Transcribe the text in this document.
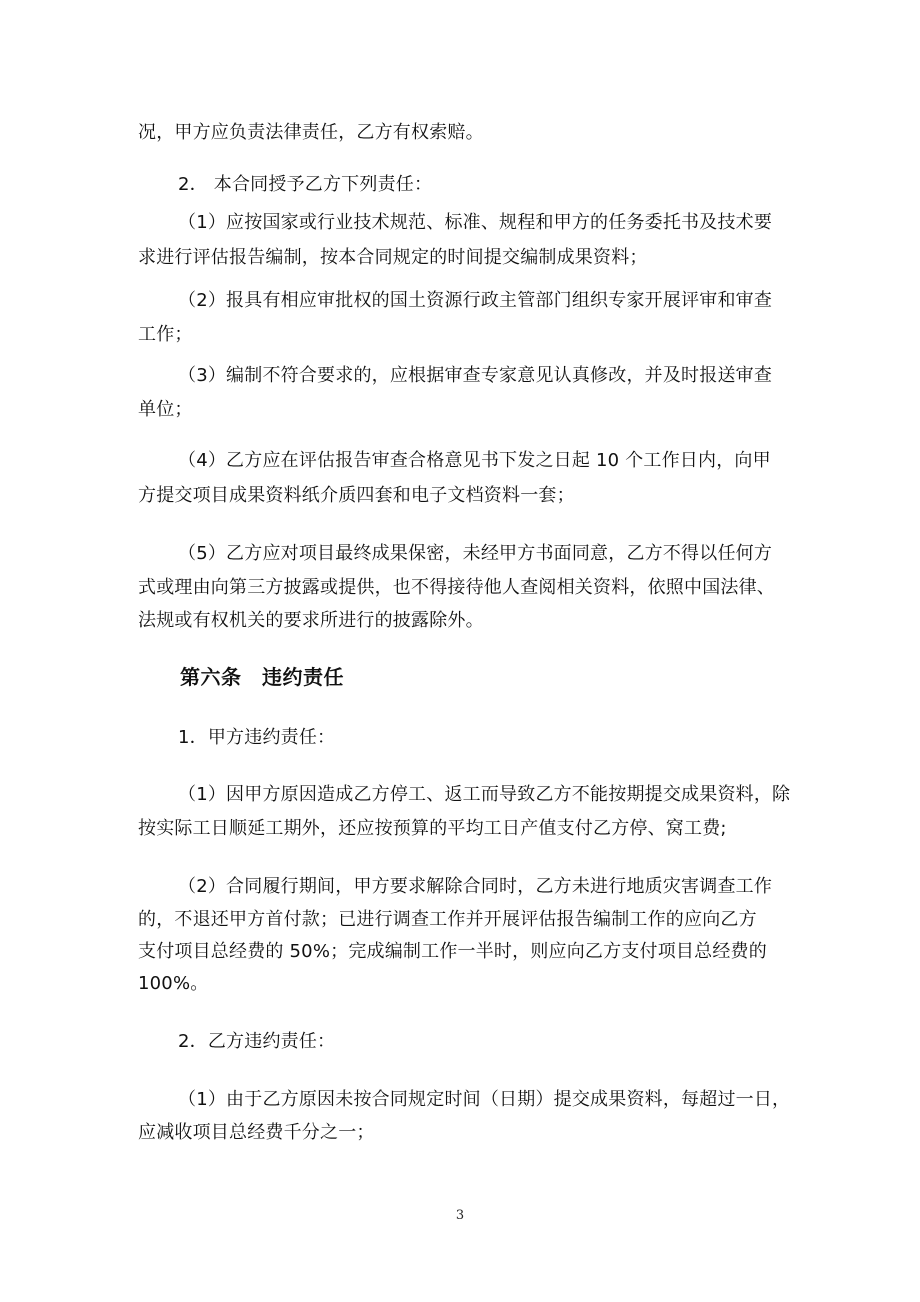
况，甲方应负责法律责任，乙方有权索赔。
2． 本合同授予乙方下列责任：
（1）应按国家或行业技术规范、标准、规程和甲方的任务委托书及技术要
求进行评估报告编制，按本合同规定的时间提交编制成果资料；
（2）报具有相应审批权的国土资源行政主管部门组织专家开展评审和审查
工作；
（3）编制不符合要求的，应根据审查专家意见认真修改，并及时报送审查
单位；
（4）乙方应在评估报告审查合格意见书下发之日起 10 个工作日内，向甲
方提交项目成果资料纸介质四套和电子文档资料一套；
（5）乙方应对项目最终成果保密，未经甲方书面同意，乙方不得以任何方
式或理由向第三方披露或提供，也不得接待他人查阅相关资料，依照中国法律、
法规或有权机关的要求所进行的披露除外。
第六条　违约责任
1．甲方违约责任：
（1）因甲方原因造成乙方停工、返工而导致乙方不能按期提交成果资料，除
按实际工日顺延工期外，还应按预算的平均工日产值支付乙方停、窝工费;
（2）合同履行期间，甲方要求解除合同时，乙方未进行地质灾害调查工作
的，不退还甲方首付款；已进行调查工作并开展评估报告编制工作的应向乙方
支付项目总经费的 50%；完成编制工作一半时，则应向乙方支付项目总经费的
100%。
2．乙方违约责任：
（1）由于乙方原因未按合同规定时间（日期）提交成果资料，每超过一日，
应减收项目总经费千分之一；
3
